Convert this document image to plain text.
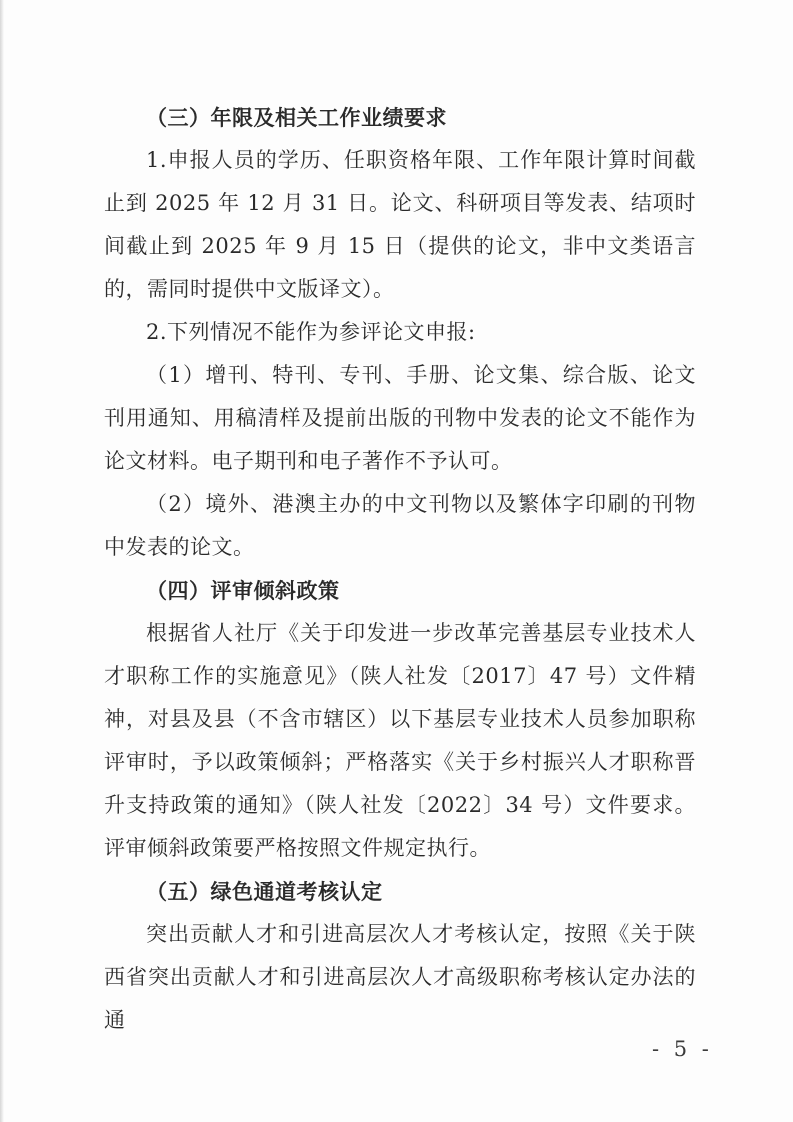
（三）年限及相关工作业绩要求

1.申报人员的学历、任职资格年限、工作年限计算时间截止到 2025 年 12 月 31 日。论文、科研项目等发表、结项时间截止到 2025 年 9 月 15 日（提供的论文，非中文类语言的，需同时提供中文版译文）。

2.下列情况不能作为参评论文申报:

（1）增刊、特刊、专刊、手册、论文集、综合版、论文刊用通知、用稿清样及提前出版的刊物中发表的论文不能作为论文材料。电子期刊和电子著作不予认可。

（2）境外、港澳主办的中文刊物以及繁体字印刷的刊物中发表的论文。

（四）评审倾斜政策

根据省人社厅《关于印发进一步改革完善基层专业技术人才职称工作的实施意见》（陕人社发〔2017〕47 号）文件精神，对县及县（不含市辖区）以下基层专业技术人员参加职称评审时，予以政策倾斜；严格落实《关于乡村振兴人才职称晋升支持政策的通知》（陕人社发〔2022〕34 号）文件要求。评审倾斜政策要严格按照文件规定执行。

（五）绿色通道考核认定

突出贡献人才和引进高层次人才考核认定，按照《关于陕西省突出贡献人才和引进高层次人才高级职称考核认定办法的通

- 5 -
